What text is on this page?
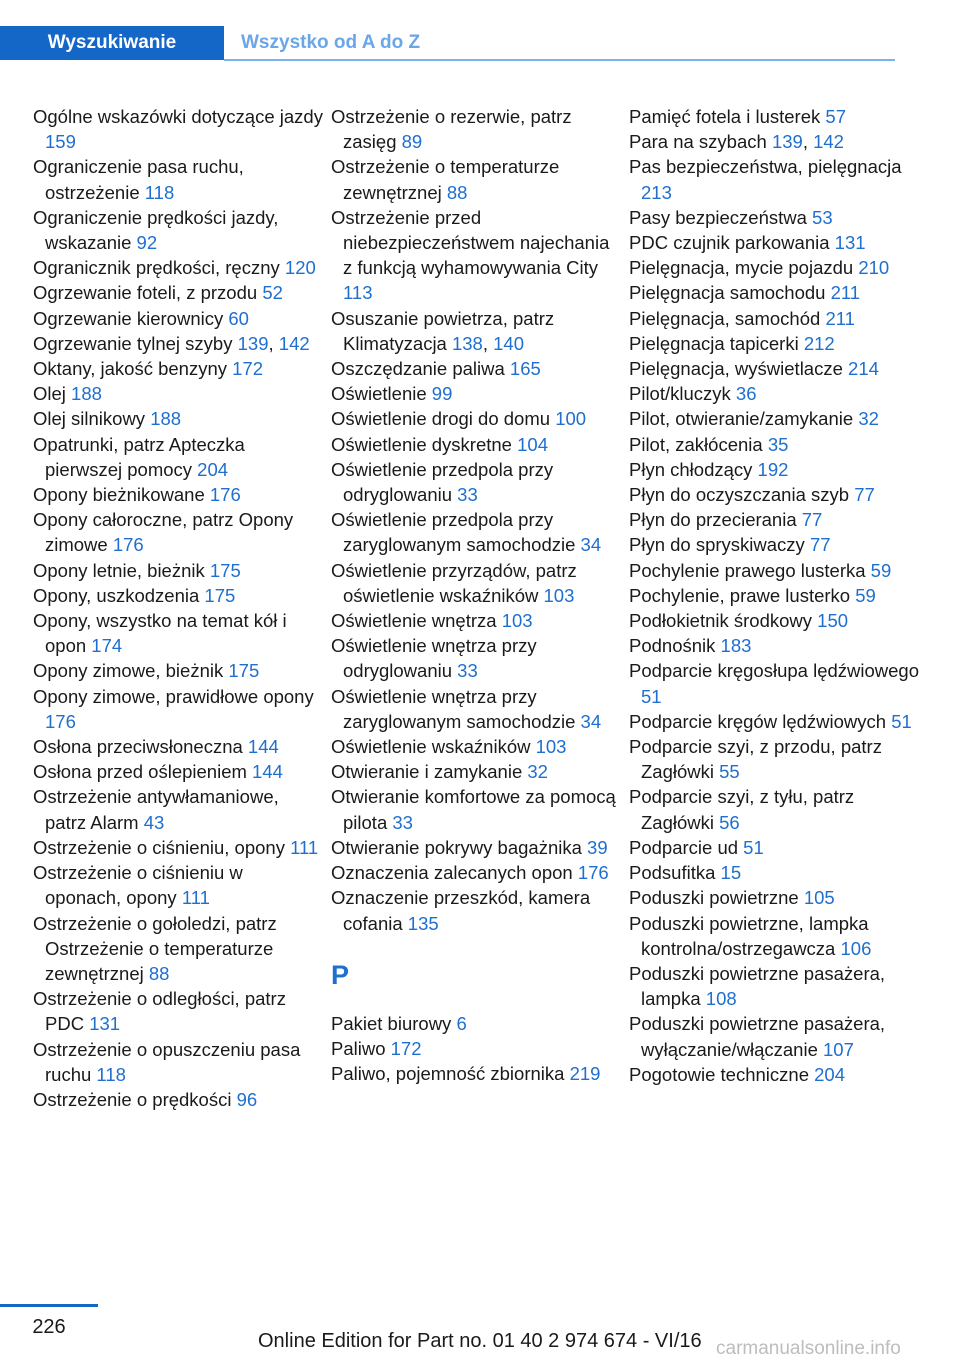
Wyszukiwanie	Wszystko od A do Z

Ogólne wskazówki dotyczące jazdy 159

Ograniczenie pasa ruchu, ostrzeżenie 118

Ograniczenie prędkości jazdy, wskazanie 92

Ogranicznik prędkości, ręczny 120

Ogrzewanie foteli, z przodu 52

Ogrzewanie kierownicy 60

Ogrzewanie tylnej szyby 139, 142

Oktany, jakość benzyny 172

Olej 188

Olej silnikowy 188

Opatrunki, patrz Apteczka pierwszej pomocy 204

Opony bieżnikowane 176

Opony całoroczne, patrz Opony zimowe 176

Opony letnie, bieżnik 175

Opony, uszkodzenia 175

Opony, wszystko na temat kół i opon 174

Opony zimowe, bieżnik 175

Opony zimowe, prawidłowe opony 176

Osłona przeciwsłoneczna 144

Osłona przed oślepieniem 144

Ostrzeżenie antywłamaniowe, patrz Alarm 43

Ostrzeżenie o ciśnieniu, opony 111

Ostrzeżenie o ciśnieniu w oponach, opony 111

Ostrzeżenie o gołoledzi, patrz Ostrzeżenie o temperaturze zewnętrznej 88

Ostrzeżenie o odległości, patrz PDC 131

Ostrzeżenie o opuszczeniu pasa ruchu 118

Ostrzeżenie o prędkości 96

Ostrzeżenie o rezerwie, patrz zasięg 89

Ostrzeżenie o temperaturze zewnętrznej 88

Ostrzeżenie przed niebezpieczeństwem najechania z funkcją wyhamowywania City 113

Osuszanie powietrza, patrz Klimatyzacja 138, 140

Oszczędzanie paliwa 165

Oświetlenie 99

Oświetlenie drogi do domu 100

Oświetlenie dyskretne 104

Oświetlenie przedpola przy odryglowaniu 33

Oświetlenie przedpola przy zaryglowanym samochodzie 34

Oświetlenie przyrządów, patrz oświetlenie wskaźników 103

Oświetlenie wnętrza 103

Oświetlenie wnętrza przy odryglowaniu 33

Oświetlenie wnętrza przy zaryglowanym samochodzie 34

Oświetlenie wskaźników 103

Otwieranie i zamykanie 32

Otwieranie komfortowe za pomocą pilota 33

Otwieranie pokrywy bagażnika 39

Oznaczenia zalecanych opon 176

Oznaczenie przeszkód, kamera cofania 135

P

Pakiet biurowy 6

Paliwo 172

Paliwo, pojemność zbiornika 219

Pamięć fotela i lusterek 57

Para na szybach 139, 142

Pas bezpieczeństwa, pielęgnacja 213

Pasy bezpieczeństwa 53

PDC czujnik parkowania 131

Pielęgnacja, mycie pojazdu 210

Pielęgnacja samochodu 211

Pielęgnacja, samochód 211

Pielęgnacja tapicerki 212

Pielęgnacja, wyświetlacze 214

Pilot/kluczyk 36

Pilot, otwieranie/zamykanie 32

Pilot, zakłócenia 35

Płyn chłodzący 192

Płyn do oczyszczania szyb 77

Płyn do przecierania 77

Płyn do spryskiwaczy 77

Pochylenie prawego lusterka 59

Pochylenie, prawe lusterko 59

Podłokietnik środkowy 150

Podnośnik 183

Podparcie kręgosłupa lędźwiowego 51

Podparcie kręgów lędźwiowych 51

Podparcie szyi, z przodu, patrz Zagłówki 55

Podparcie szyi, z tyłu, patrz Zagłówki 56

Podparcie ud 51

Podsufitka 15

Poduszki powietrzne 105

Poduszki powietrzne, lampka kontrolna/ostrzegawcza 106

Poduszki powietrzne pasażera, lampka 108

Poduszki powietrzne pasażera, wyłączanie/włączanie 107

Pogotowie techniczne 204

226
Online Edition for Part no. 01 40 2 974 674 - VI/16 carmanualsonline.info
